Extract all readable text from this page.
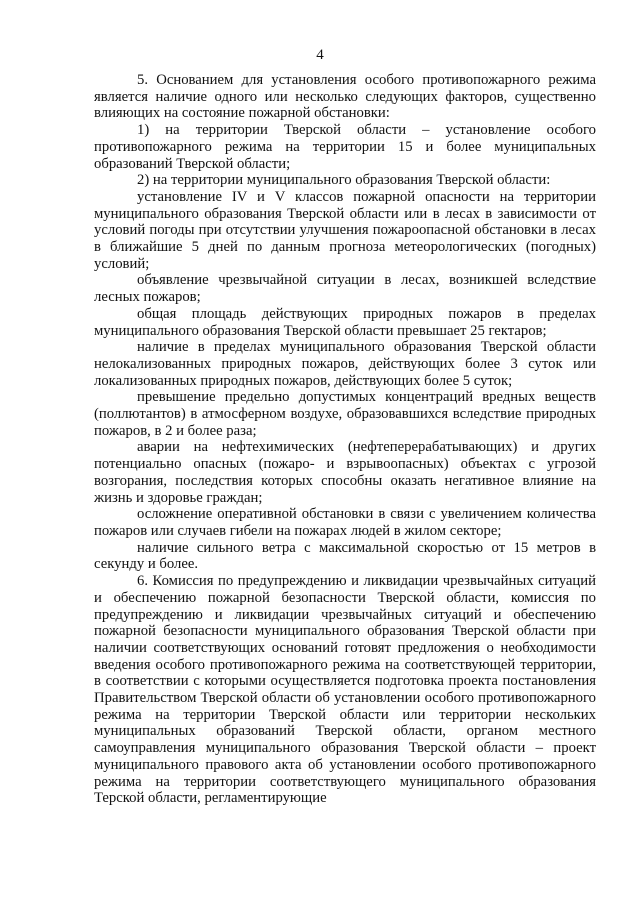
4

5. Основанием для установления особого противопожарного режима является наличие одного или несколько следующих факторов, существенно влияющих на состояние пожарной обстановки:

1) на территории Тверской области – установление особого противопожарного режима на территории 15 и более муниципальных образований Тверской области;

2) на территории муниципального образования Тверской области:

установление IV и V классов пожарной опасности на территории муниципального образования Тверской области или в лесах в зависимости от условий погоды при отсутствии улучшения пожароопасной обстановки в лесах в ближайшие 5 дней по данным прогноза метеорологических (погодных) условий;

объявление чрезвычайной ситуации в лесах, возникшей вследствие лесных пожаров;

общая площадь действующих природных пожаров в пределах муниципального образования Тверской области превышает 25 гектаров;

наличие в пределах муниципального образования Тверской области нелокализованных природных пожаров, действующих более 3 суток или локализованных природных пожаров, действующих более 5 суток;

превышение предельно допустимых концентраций вредных веществ (поллютантов) в атмосферном воздухе, образовавшихся вследствие природных пожаров, в 2 и более раза;

аварии на нефтехимических (нефтеперерабатывающих) и других потенциально опасных (пожаро- и взрывоопасных) объектах с угрозой возгорания, последствия которых способны оказать негативное влияние на жизнь и здоровье граждан;

осложнение оперативной обстановки в связи с увеличением количества пожаров или случаев гибели на пожарах людей в жилом секторе;

наличие сильного ветра с максимальной скоростью от 15 метров в секунду и более.

6. Комиссия по предупреждению и ликвидации чрезвычайных ситуаций и обеспечению пожарной безопасности Тверской области, комиссия по предупреждению и ликвидации чрезвычайных ситуаций и обеспечению пожарной безопасности муниципального образования Тверской области при наличии соответствующих оснований готовят предложения о необходимости введения особого противопожарного режима на соответствующей территории, в соответствии с которыми осуществляется подготовка проекта постановления Правительством Тверской области об установлении особого противопожарного режима на территории Тверской области или территории нескольких муниципальных образований Тверской области, органом местного самоуправления муниципального образования Тверской области – проект муниципального правового акта об установлении особого противопожарного режима на территории соответствующего муниципального образования Терской области, регламентирующие
